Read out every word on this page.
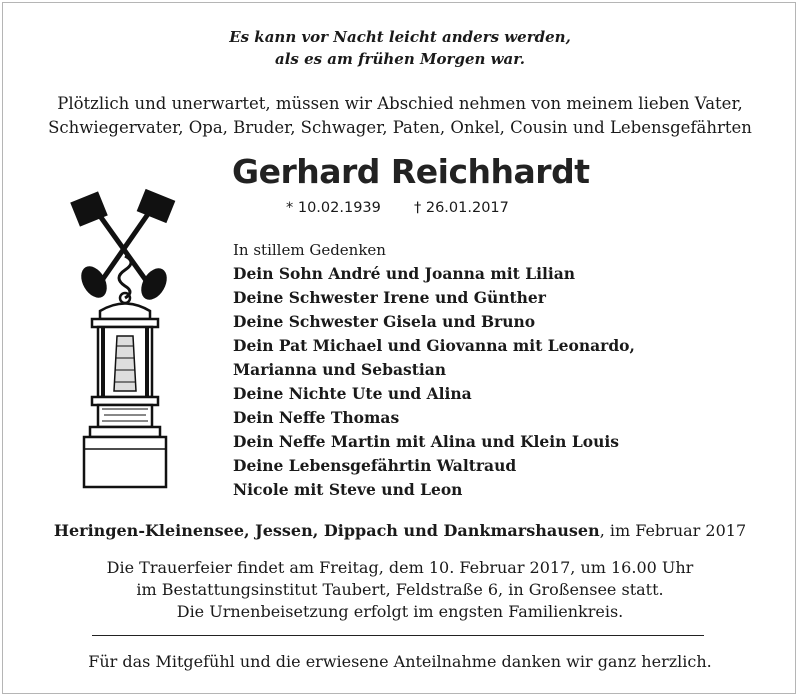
Es kann vor Nacht leicht anders werden,
als es am frühen Morgen war.
Plötzlich und unerwartet, müssen wir Abschied nehmen von meinem lieben Vater,
Schwiegervater, Opa, Bruder, Schwager, Paten, Onkel, Cousin und Lebensgefährten
Gerhard Reichhardt
* 10.02.1939 † 26.01.2017
In stillem Gedenken
Dein Sohn André und Joanna mit Lilian
Deine Schwester Irene und Günther
Deine Schwester Gisela und Bruno
Dein Pat Michael und Giovanna mit Leonardo,
Marianna und Sebastian
Deine Nichte Ute und Alina
Dein Neffe Thomas
Dein Neffe Martin mit Alina und Klein Louis
Deine Lebensgefährtin Waltraud
Nicole mit Steve und Leon
Heringen-Kleinensee, Jessen, Dippach und Dankmarshausen, im Februar 2017
Die Trauerfeier findet am Freitag, dem 10. Februar 2017, um 16.00 Uhr
im Bestattungsinstitut Taubert, Feldstraße 6, in Großensee statt.
Die Urnenbeisetzung erfolgt im engsten Familienkreis.
Für das Mitgefühl und die erwiesene Anteilnahme danken wir ganz herzlich.
